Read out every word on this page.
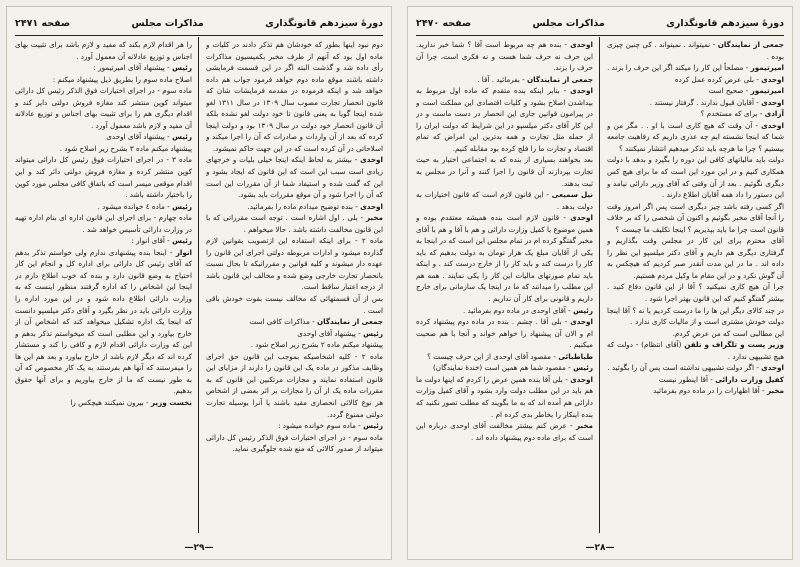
دورهٔ سیزدهم قانونگذاری
مذاکرات مجلس
صفحه ۲۴۷۱

دوم نبود اینها بطور که خودشان هم تذکر دادند در کلیات و ماده اول بود که آنهم از طرف مخبر بکمیسیون مذاکرات رأی داده شد و گذشت البته اگر در این قسمت فرمایشی داشته باشند موقع ماده دوم خواهد فرمود جواب هم داده خواهد شد و اینکه فرموده در مقدمه فرمایشات شان که قانون انحصار تجارت مصوب سال ۱۳۰۹ در سال ۱۳۱۱ لغو شده اینجا گویا به یعنی قانون تا خود دولت لغو نشده بلکه آن قانون انحصار خود دولت در سال ۱۳۰۹ بود و دولت اینجا کرده که بعد از آن واردات و صادرات که آن را اجرا میکند و اسلاحاتی در آن کرده است که در این جهت حاکم نمیشود.

اوحدی - بیشتر به لحاظ اینکه اینجا خیلی بلیات و خرجهای زیادی است سبب این است که این قانون که ایجاد بشود و این که گفت شده و استیفاد شما از آن مقررات این است که آن را اجرا شود و آن موقع مقررات باید بشود.

اوحدی - بنده توضیح میدادم ماده را بفرمائید.

مخبر - بلی . اول اشاره است . توجه است مقرراتی که با این قانون مخالفت داشته باشد . حالا میخواهم .

ماده ۲ - برای اینکه استفاده این ازتصویب بقوانین لازم گذارده میشود و ادارات مربوطه دولتی اجرای این قانون را عهده دار میشوند و کلیه قوانین و مقرراتیکه تا بحال نسبت بانحصار تجارت خارجی وضع شده و مخالف این قانون باشد از درجه اعتبار ساقط است.

بس از آن قسمتهائی که مخالف نیست بقوت خودش باقی است .

جمعی از نمایندگان - مذاکرات کافی است

رئیس - پیشنهاد آقای اوحدی

پیشنهاد میکنم ماده ۲ بشرح زیر اصلاح شود .

ماده ۲ - کلیه اشخاصیکه بموجب این قانون حق اجرای وظایف مذکور در ماده یک این قانون را دارند از مزایای این قانون استفاده نمایند و مجازات مرتکبین این قانون که به مقررات ماده یک از آن را مجازات بر اثر بعضی از اشخاص هر نوع کالائی انحصاری مقید باشند یا آنرا بوسیله تجارت دولتی ممنوع گردد.

رئیس - ماده سوم خوانده میشود :

ماده سوم - در اجرای اختیارات فوق الذکر رئیس کل دارائی میتواند از صدور کالائی که منع شده جلوگیری نماید.

را هر اقدام لازم بکند که مفید و لازم باشد برای تثبیت بهای اجناس و توزیع عادلانه آن معمول آورد .

رئیس - پیشنهاد آقای امیرتیمور :

اصلاح ماده سوم را بطریق ذیل پیشنهاد میکنم :

ماده سوم - در اجرای اختیارات فوق الذکر رئیس کل دارائی میتواند کوپن منتشر کند مغازه فروش دولتی دایر کند و اقدام دیگری هم را برای تثبیت بهای اجناس و توزیع عادلانه آن مفید و لازم باشد معمول آورد .

رئیس - پیشنهاد آقای اوحدی

پیشنهاد میکنم ماده ۳ بشرح زیر اصلاح شود .

ماده ۳ - در اجرای اختیارات فوق رئیس کل دارائی میتواند کوپن منتشر کرده و مغازه فروش دولتی دائر کند و این اقدام موقعی میسر است که باتفاق کافی مجلس مورد کوپن را باختیار داشته باشد .

رئیس - ماده ٤ خوانده میشود .

ماده چهارم - برای اجرای این قانون اداره ای بنام اداره تهیه در وزارت دارائی تأسیس خواهد شد .

رئیس - آقای انوار :

انوار - اینجا بنده پیشنهادی ندارم ولی خواستم تذکر بدهم که آقای رئیس کل دارائی برای اداره کل و انجام این کار احتیاج به وضع قانون دارد و بنده که خوب اطلاع دارم در اینجا این اشخاص را که اداره گرفتند منظور اینست که به وزارت دارائی اطلاع داده شود و در این مورد اداره را وزارت دارائی باید در نظر بگیرد و آقای دکتر میلسپو دانست که اینجا یک اداره تشکیل میخواهد کند که اشخاص آن از خارج بیاورد و این مطلبی است که میخواستم تذکر بدهم و این که وزارت دارائی اقدام لازم و کافی را کند و مستشار کرده اند که دیگر لازم باشد از خارج بیاورد و بعد هم این ها را میفرستند که آنها هم بفرستند به یک کار مخصوص که آن به طور نیست که ما از خارج بیاوریم و برای آنها حقوق بدهیم.

نخست وزیر - بیرون نمیکنند هیچکس را

—۲۹—
دورهٔ سیزدهم قانونگذاری
مذاکرات مجلس
صفحه ۲۴۷۰

جمعی از نمایندگان - نمیتواند . نمیتواند . کی چنین چیزی بوده .

امیرتیمور - مصلحاً این کار را میکند اگر این حرف را بزند .

اوحدی - بلی عرض کرده عمل کرده

امیرتیمور - صحیح است

اوحدی - آقایان قبول ندارند . گرفتار نیستند .

آزادی - برای که مستخدم ؟

اوحدی - آن وقت که هیچ کاری است با او . . مگر من و شما که اینجا نشسته ایم چه عذری داریم که رفاهیت جامعه بیستیم ؟ چرا ما هرچه باید تذکر میدهیم انتشار نمیکنند ؟

دولت باید مالیاتهای کافی این دوره را بگیرد و بدهد با دولت همکاری کنیم و در این مورد این است که ما برای هیچ کس دیگری نگوئیم . بعد از آن وقتی که آقای وزیر دارائی نیامد و این دستور را داد همه آقایان اطلاع دارند .

اگر کسی رفته باشد چیز دیگری است پس اگر امروز وقت را آنجا آقای مخبر بگوئیم و اکنون آن شخصی را که بر خلاف قانون است چرا ما باید بپذیریم ؟ اینجا تکلیف ما چیست ؟

آقای محترم برای این کار در مجلس وقت بگذاریم و گرفتاری دیگری هم داریم و آقای دکتر میلسپو این نظر را داده اند . ما در این مدت آنقدر صبر کردیم که هیچکس به آن گوش نکرد و در این مقام ما وکیل مردم هستیم.

چرا آن هیچ کاری نمیکنید ؟ آقا از این قانون دفاع کنید . بیشتر گفتگو کنیم که این قانون بهتر اجرا شود .

در چند کالای دیگر این ها را ما درست کردیم یا نه ؟ آقا اینجا دولت خودش مشتری است و از مالیات کاری ندارد .

این مطالبی است که من عرض کردم.

وزیر پست و تلگراف و تلفن (آقای انتظام) - دولت که هیچ تشبیهی ندارد .

اوحدی - اگر دولت تشبیهی نداشته است پس آن را بگوئید .

کفیل وزارت دارائی - آقا اینطور نیست

مخبر - آقا اظهارات را در ماده دوم بفرمائید

اوحدی - بنده هم چه مربوط است آقا ؟ شما خبر ندارید. این حرف نه حرف شما هست و نه فکری است، چرا آن حرف را بزند.

جمعی از نمایندگان - بفرمائید . آقا .

اوحدی - بنابر اینکه بنده متقدم که ماده اول مربوط به بیداشدن اصلاح بشود و کلیات اقتصادی این مملکت است و در پیرامون قوانین جاری این انحصار در دست ماست و در این کار آقای دکتر میلسپو در این شرایط که دولت ایران را از حمله مثل تجارت و همه بدترین این امراض که تمام اقتصاد و تجارت ما را فلج کرده بود مقابله کنیم.

بعد بخواهند بسیاری از بنده که به اجتماعی اختیار به حیث تجارت بپردازند آن قانون را اجرا کنند و آنرا در مجلس به ثبت بدهند.

نیل سمیعی - این قانون لازم است که قانون اختیارات به دولت بدهد .

اوحدی - قانون لازم است بنده همیشه معتقدم بوده و همین موضوع با کفیل وزارت دارائی و هم با آقا و هم با آقای مخبر گفتگو کرده ام در تمام مجلس این است که در اینجا به یکی از آقایان مبلغ یک هزار تومان به دولت بدهیم که باید کار را درست کند و باید کار را از خارج درست کند . و اینکه باید تمام صورتهای مالیات این کار را یکی نمایند . همه هم این مطلب را میدانند که ما در اینجا یک سازمانی برای خارج داریم و قانونی برای کار آن نداریم .

رئیس - آقای اوحدی در ماده دوم بفرمائید .

اوحدی - بلی آقا . چشم . بنده در ماده دوم پیشنهاد کرده ام و الان آن پیشنهاد را خواهم خواند و آنجا با هم صحبت میکنیم .

طباطبائی - مقصود آقای اوحدی از این حرف چیست ؟

رئیس - مقصود شما هم همین است (خندهٔ نمایندگان)

اوحدی - بلی آقا بنده همین عرض را کردم که اینها دولت ما هم باید در این مطلب دولت وارد بشود و آقای کفیل وزارت دارائی هم آمده اند که به ما بگویند که مطلب تصور نکنید که بنده اینکار را بخاطر بدی کرده ام .

مخبر - عرض کنم بیشتر مخالفت آقای اوحدی درباره این است که برای ماده دوم پیشنهاد داده اند .

—۲۸—
